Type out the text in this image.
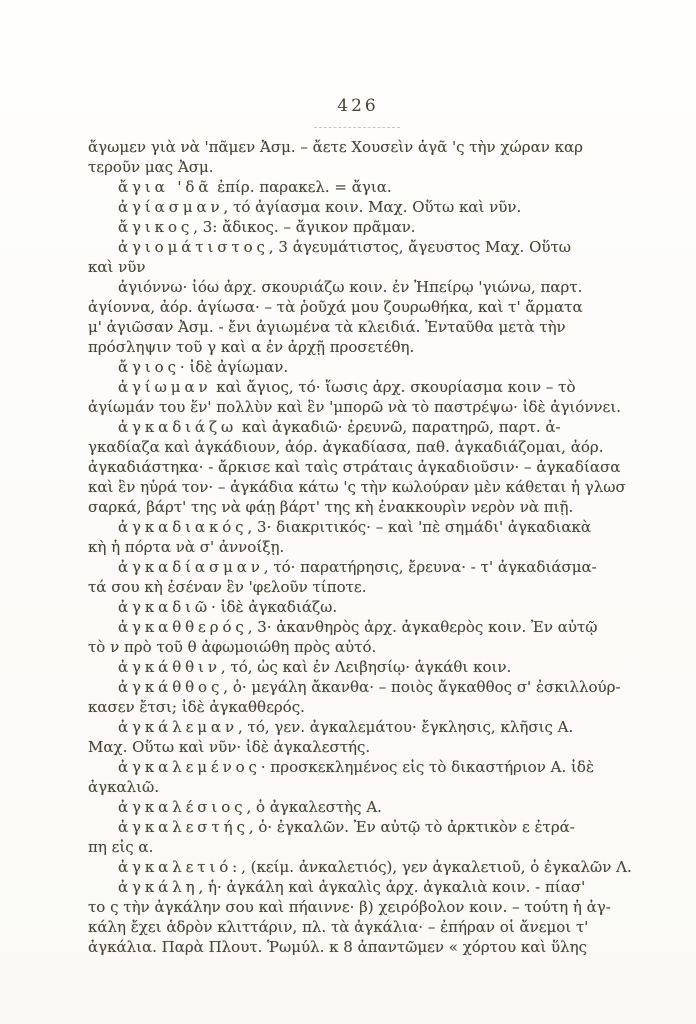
426
ἄγωμεν γιὰ νὰ 'πᾶμεν Ἀσμ. – ἄετε Χουσεὶν ἀγᾶ 'ς τὴν χώραν καρ
τεροῦν μας Ἀσμ.
ἄγια 'δᾶ ἐπίρ. παρακελ. = ἄγια.
ἀγίασμαν, τό ἀγίασμα κοιν. Μαχ. Οὕτω καὶ νῦν.
ἄγικος, 3: ἄδικος. – ἄγικον πρᾶμαν.
ἀγιομάτιστος, 3 ἀγευμάτιστος, ἄγευστος Μαχ. Οὕτω
καὶ νῦν
ἀγιόννω· ἰόω ἀρχ. σκουριάζω κοιν. ἐν Ἠπείρῳ 'γιώνω, παρτ.
ἀγίοννα, ἀόρ. ἀγίωσα· – τὰ ῥοῦχά μου ζουρωθήκα, καὶ τ' ἄρματα
μ' ἀγιῶσαν Ἀσμ. - ἔνι ἀγιωμένα τὰ κλειδιά. Ἐνταῦθα μετὰ τὴν
πρόσληψιν τοῦ γ καὶ α ἐν ἀρχῇ προσετέθη.
ἄγιος· ἰδὲ ἀγίωμαν.
ἀγίωμαν καὶ ἄγιος, τό· ἴωσις ἀρχ. σκουρίασμα κοιν – τὸ
ἀγίωμάν του ἕν' πολλὺν καὶ ἓν 'μπορῶ νὰ τὸ παστρέψω· ἰδὲ ἀγιόννει.
ἀγκαδιάζω καὶ ἀγκαδιῶ· ἐρευνῶ, παρατηρῶ, παρτ. ἀ-
γκαδίαζα καὶ ἀγκάδιουν, ἀόρ. ἀγκαδίασα, παθ. ἀγκαδιάζομαι, ἀόρ.
ἀγκαδιάστηκα· - ἄρκισε καὶ ταὶς στράταις ἀγκαδιοῦσιν· – ἀγκαδίασα
καὶ ἓν ηὑρά τον· – ἀγκάδια κάτω 'ς τὴν κωλούραν μὲν κάθεται ἡ γλωσ
σαρκά, βάρτ' της νὰ φάῃ βάρτ' της κὴ ἐνακκουρὶν νερὸν νὰ πιῇ.
ἀγκαδιακός, 3· διακριτικός· – καὶ 'πὲ σημάδι' ἀγκαδιακὰ
κὴ ἡ πόρτα νὰ σ' ἀννοίξῃ.
ἀγκαδίασμαν, τό· παρατήρησις, ἔρευνα· - τ' ἀγκαδιάσμα-
τά σου κὴ ἐσέναν ἓν 'φελοῦν τίποτε.
ἀγκαδιῶ· ἰδὲ ἀγκαδιάζω.
ἀγκαθθερός, 3· ἀκανθηρὸς ἀρχ. ἀγκαθερὸς κοιν. Ἐν αὐτῷ
τὸ ν πρὸ τοῦ θ ἀφωμοιώθη πρὸς αὐτό.
ἀγκάθθιν, τό, ὡς καὶ ἐν Λειβησίῳ· ἀγκάθι κοιν.
ἀγκάθθος, ὁ· μεγάλη ἄκανθα· – ποιὸς ἄγκαθθος σ' ἐσκιλλούρ-
κασεν ἔτσι; ἰδὲ ἀγκαθθερός.
ἀγκάλεμαν, τό, γεν. ἀγκαλεμάτου· ἔγκλησις, κλῆσις Α.
Μαχ. Οὕτω καὶ νῦν· ἰδὲ ἀγκαλεστής.
ἀγκαλεμένος· προσκεκλημένος εἰς τὸ δικαστήριον Α. ἰδὲ
ἀγκαλιῶ.
ἀγκαλέσιος, ὁ ἀγκαλεστὴς Α.
ἀγκαλεστής, ὁ· ἐγκαλῶν. Ἐν αὐτῷ τὸ ἀρκτικὸν ε ἐτρά-
πη εἰς α.
ἀγκαλετιό:, (κείμ. ἀνκαλετιός), γεν ἀγκαλετιοῦ, ὁ ἐγκαλῶν Λ.
ἀγκάλη, ἡ· ἀγκάλη καὶ ἀγκαλὶς ἀρχ. ἀγκαλιὰ κοιν. - πίασ'
το ς τὴν ἀγκάλην σου καὶ πήαιννε· β) χειρόβολον κοιν. – τούτη ἡ ἀγ-
κάλη ἔχει ἁδρὸν κλιττάριν, πλ. τὰ ἀγκάλια· – ἐπήραν οἱ ἄνεμοι τ'
ἀγκάλια. Παρὰ Πλουτ. Ῥωμύλ. κ 8 ἀπαντῶμεν « χόρτου καὶ ὕλης
